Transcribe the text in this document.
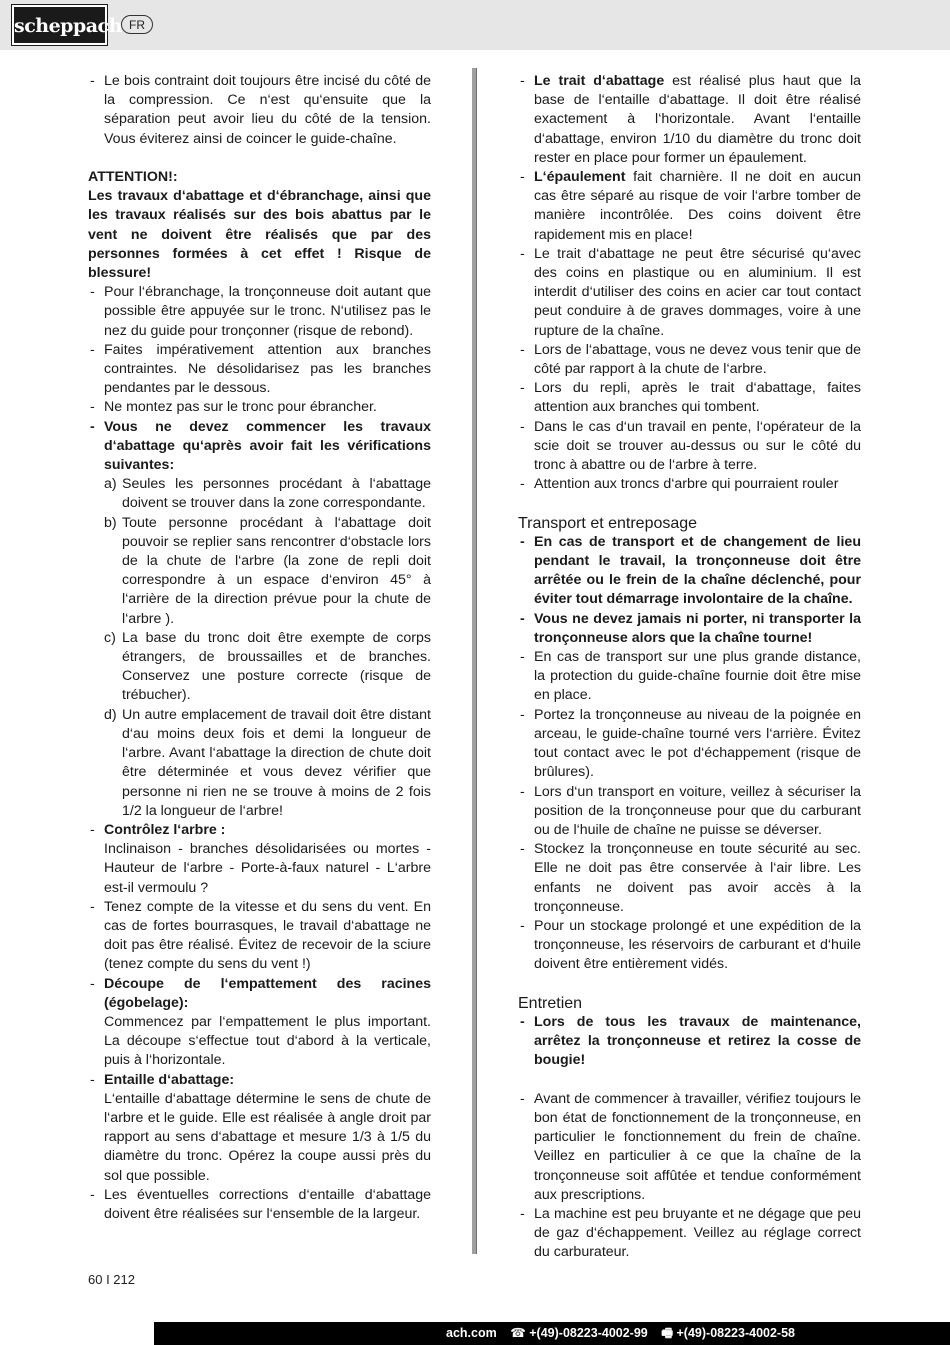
scheppach FR
- Le bois contraint doit toujours être incisé du côté de la compression. Ce n‘est qu‘ensuite que la séparation peut avoir lieu du côté de la tension. Vous éviterez ainsi de coincer le guide-chaîne.
ATTENTION!:
Les travaux d‘abattage et d‘ébranchage, ainsi que les travaux réalisés sur des bois abattus par le vent ne doivent être réalisés que par des personnes formées à cet effet ! Risque de blessure!
- Pour l‘ébranchage, la tronçonneuse doit autant que possible être appuyée sur le tronc. N‘utilisez pas le nez du guide pour tronçonner (risque de rebond).
- Faites impérativement attention aux branches contraintes. Ne désolidarisez pas les branches pendantes par le dessous.
- Ne montez pas sur le tronc pour ébrancher.
- Vous ne devez commencer les travaux d‘abattage qu‘après avoir fait les vérifications suivantes:
a) Seules les personnes procédant à l‘abattage doivent se trouver dans la zone correspondante.
b) Toute personne procédant à l‘abattage doit pouvoir se replier sans rencontrer d‘obstacle lors de la chute de l‘arbre (la zone de repli doit correspondre à un espace d‘environ 45° à l‘arrière de la direction prévue pour la chute de l‘arbre ).
c) La base du tronc doit être exempte de corps étrangers, de broussailles et de branches. Conservez une posture correcte (risque de trébucher).
d) Un autre emplacement de travail doit être distant d‘au moins deux fois et demi la longueur de l‘arbre. Avant l‘abattage la direction de chute doit être déterminée et vous devez vérifier que personne ni rien ne se trouve à moins de 2 fois 1/2 la longueur de l‘arbre!
- Contrôlez l‘arbre :
Inclinaison - branches désolidarisées ou mortes - Hauteur de l‘arbre - Porte-à-faux naturel - L‘arbre est-il vermoulu ?
- Tenez compte de la vitesse et du sens du vent. En cas de fortes bourrasques, le travail d‘abattage ne doit pas être réalisé. Évitez de recevoir de la sciure (tenez compte du sens du vent !)
- Découpe de l‘empattement des racines (égobelage):
Commencez par l‘empattement le plus important. La découpe s‘effectue tout d‘abord à la verticale, puis à l‘horizontale.
- Entaille d‘abattage:
L‘entaille d‘abattage détermine le sens de chute de l‘arbre et le guide. Elle est réalisée à angle droit par rapport au sens d‘abattage et mesure 1/3 à 1/5 du diamètre du tronc. Opérez la coupe aussi près du sol que possible.
- Les éventuelles corrections d‘entaille d‘abattage doivent être réalisées sur l‘ensemble de la largeur.
- Le trait d‘abattage est réalisé plus haut que la base de l‘entaille d‘abattage. Il doit être réalisé exactement à l‘horizontale. Avant l‘entaille d‘abattage, environ 1/10 du diamètre du tronc doit rester en place pour former un épaulement.
- L‘épaulement fait charnière. Il ne doit en aucun cas être séparé au risque de voir l‘arbre tomber de manière incontrôlée. Des coins doivent être rapidement mis en place!
- Le trait d‘abattage ne peut être sécurisé qu‘avec des coins en plastique ou en aluminium. Il est interdit d‘utiliser des coins en acier car tout contact peut conduire à de graves dommages, voire à une rupture de la chaîne.
- Lors de l‘abattage, vous ne devez vous tenir que de côté par rapport à la chute de l‘arbre.
- Lors du repli, après le trait d‘abattage, faites attention aux branches qui tombent.
- Dans le cas d‘un travail en pente, l‘opérateur de la scie doit se trouver au-dessus ou sur le côté du tronc à abattre ou de l‘arbre à terre.
- Attention aux troncs d‘arbre qui pourraient rouler
Transport et entreposage
- En cas de transport et de changement de lieu pendant le travail, la tronçonneuse doit être arrêtée ou le frein de la chaîne déclenché, pour éviter tout démarrage involontaire de la chaîne.
- Vous ne devez jamais ni porter, ni transporter la tronçonneuse alors que la chaîne tourne!
- En cas de transport sur une plus grande distance, la protection du guide-chaîne fournie doit être mise en place.
- Portez la tronçonneuse au niveau de la poignée en arceau, le guide-chaîne tourné vers l‘arrière. Évitez tout contact avec le pot d‘échappement (risque de brûlures).
- Lors d‘un transport en voiture, veillez à sécuriser la position de la tronçonneuse pour que du carburant ou de l‘huile de chaîne ne puisse se déverser.
- Stockez la tronçonneuse en toute sécurité au sec. Elle ne doit pas être conservée à l‘air libre. Les enfants ne doivent pas avoir accès à la tronçonneuse.
- Pour un stockage prolongé et une expédition de la tronçonneuse, les réservoirs de carburant et d‘huile doivent être entièrement vidés.
Entretien
- Lors de tous les travaux de maintenance, arrêtez la tronçonneuse et retirez la cosse de bougie!
- Avant de commencer à travailler, vérifiez toujours le bon état de fonctionnement de la tronçonneuse, en particulier le fonctionnement du frein de chaîne. Veillez en particulier à ce que la chaîne de la tronçonneuse soit affûtée et tendue conformément aux prescriptions.
- La machine est peu bruyante et ne dégage que peu de gaz d‘échappement. Veillez au réglage correct du carburateur.
60 I 212
ach.com ☎ +(49)-08223-4002-99 🖷 +(49)-08223-4002-58
